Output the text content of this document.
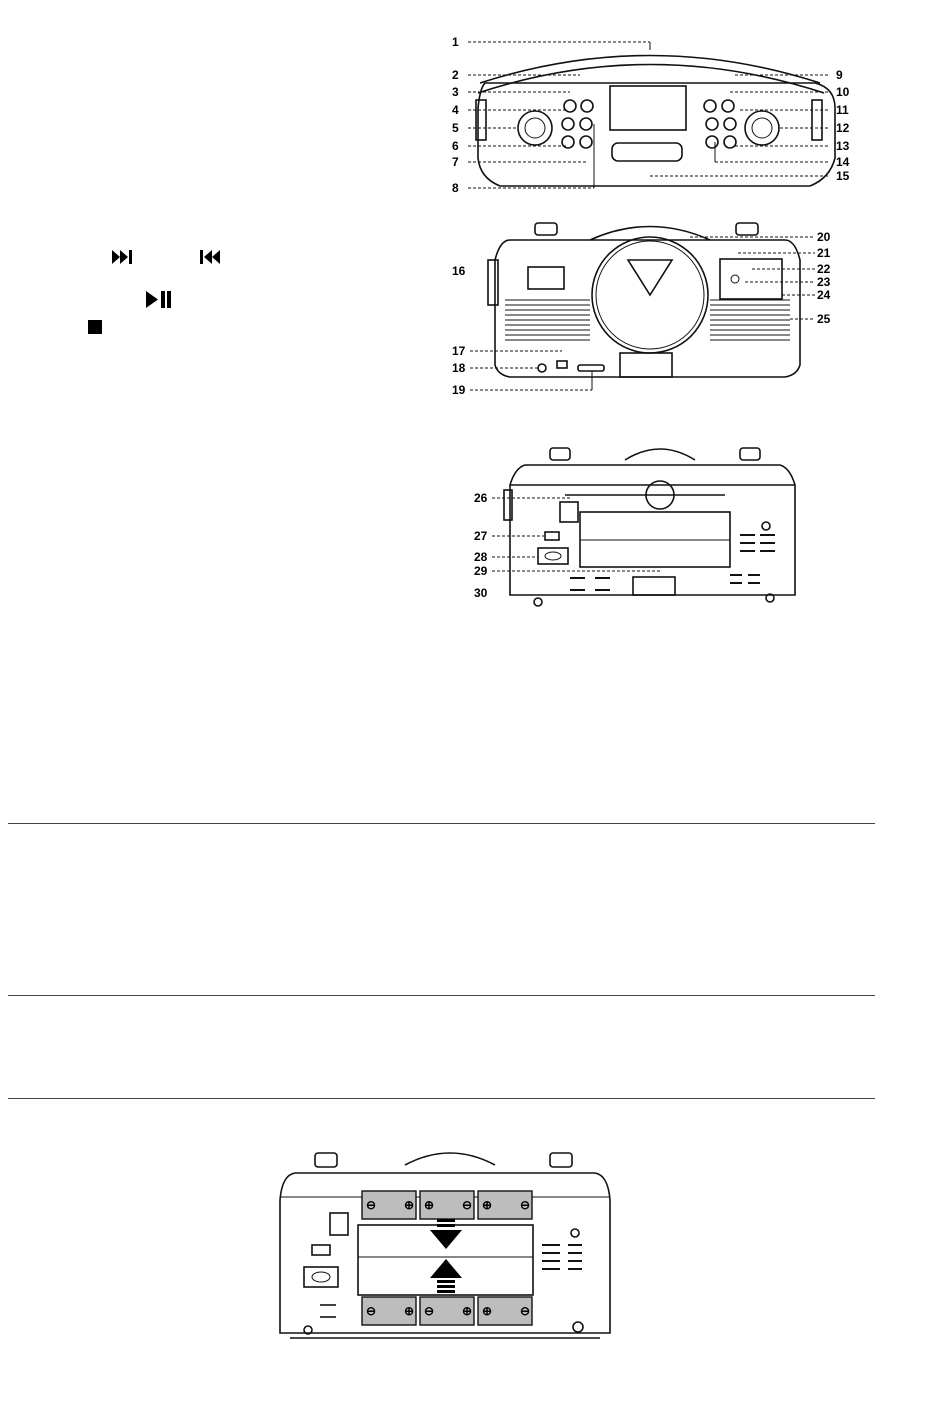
1
2
3
4
5
6
7
8
9
10
11
12
13
14
15
20
21
22
23
24
25
16
17
18
19
26
27
28
29
30
⊖ ⊕ ⊕ ⊖ ⊕ ⊖
⊖ ⊕ ⊖ ⊕ ⊕ ⊖
